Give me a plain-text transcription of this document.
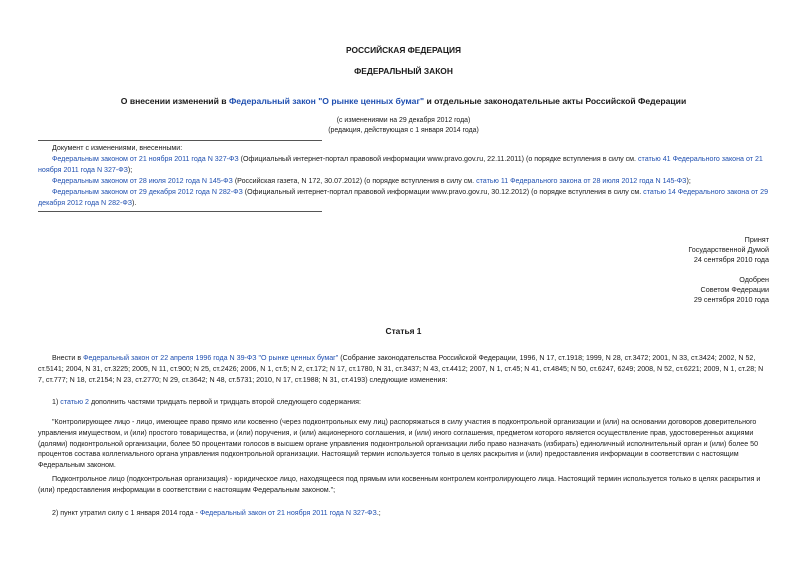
РОССИЙСКАЯ ФЕДЕРАЦИЯ
ФЕДЕРАЛЬНЫЙ ЗАКОН
О внесении изменений в Федеральный закон "О рынке ценных бумаг" и отдельные законодательные акты Российской Федерации
(с изменениями на 29 декабря 2012 года)
(редакция, действующая с 1 января 2014 года)
Документ с изменениями, внесенными:
Федеральным законом от 21 ноября 2011 года N 327-ФЗ (Официальный интернет-портал правовой информации www.pravo.gov.ru, 22.11.2011) (о порядке вступления в силу см. статью 41 Федерального закона от 21 ноября 2011 года N 327-ФЗ);
Федеральным законом от 28 июля 2012 года N 145-ФЗ (Российская газета, N 172, 30.07.2012) (о порядке вступления в силу см. статью 11 Федерального закона от 28 июля 2012 года N 145-ФЗ);
Федеральным законом от 29 декабря 2012 года N 282-ФЗ (Официальный интернет-портал правовой информации www.pravo.gov.ru, 30.12.2012) (о порядке вступления в силу см. статью 14 Федерального закона от 29 декабря 2012 года N 282-ФЗ).
Принят
Государственной Думой
24 сентября 2010 года
Одобрен
Советом Федерации
29 сентября 2010 года
Статья 1
Внести в Федеральный закон от 22 апреля 1996 года N 39-ФЗ "О рынке ценных бумаг" (Собрание законодательства Российской Федерации, 1996, N 17, ст.1918; 1999, N 28, ст.3472; 2001, N 33, ст.3424; 2002, N 52, ст.5141; 2004, N 31, ст.3225; 2005, N 11, ст.900; N 25, ст.2426; 2006, N 1, ст.5; N 2, ст.172; N 17, ст.1780, N 31, ст.3437; N 43, ст.4412; 2007, N 1, ст.45; N 41, ст.4845; N 50, ст.6247, 6249; 2008, N 52, ст.6221; 2009, N 1, ст.28; N 7, ст.777; N 18, ст.2154; N 23, ст.2770; N 29, ст.3642; N 48, ст.5731; 2010, N 17, ст.1988; N 31, ст.4193) следующие изменения:
1) статью 2 дополнить частями тридцать первой и тридцать второй следующего содержания:
"Контролирующее лицо - лицо, имеющее право прямо или косвенно (через подконтрольных ему лиц) распоряжаться в силу участия в подконтрольной организации и (или) на основании договоров доверительного управления имуществом, и (или) простого товарищества, и (или) поручения, и (или) акционерного соглашения, и (или) иного соглашения, предметом которого является осуществление прав, удостоверенных акциями (долями) подконтрольной организации, более 50 процентами голосов в высшем органе управления подконтрольной организации либо право назначать (избирать) единоличный исполнительный орган и (или) более 50 процентов состава коллегиального органа управления подконтрольной организации. Настоящий термин используется только в целях раскрытия и (или) предоставления информации в соответствии с настоящим Федеральным законом.
Подконтрольное лицо (подконтрольная организация) - юридическое лицо, находящееся под прямым или косвенным контролем контролирующего лица. Настоящий термин используется только в целях раскрытия и (или) предоставления информации в соответствии с настоящим Федеральным законом.";
2) пункт утратил силу с 1 января 2014 года - Федеральный закон от 21 ноября 2011 года N 327-ФЗ.;
